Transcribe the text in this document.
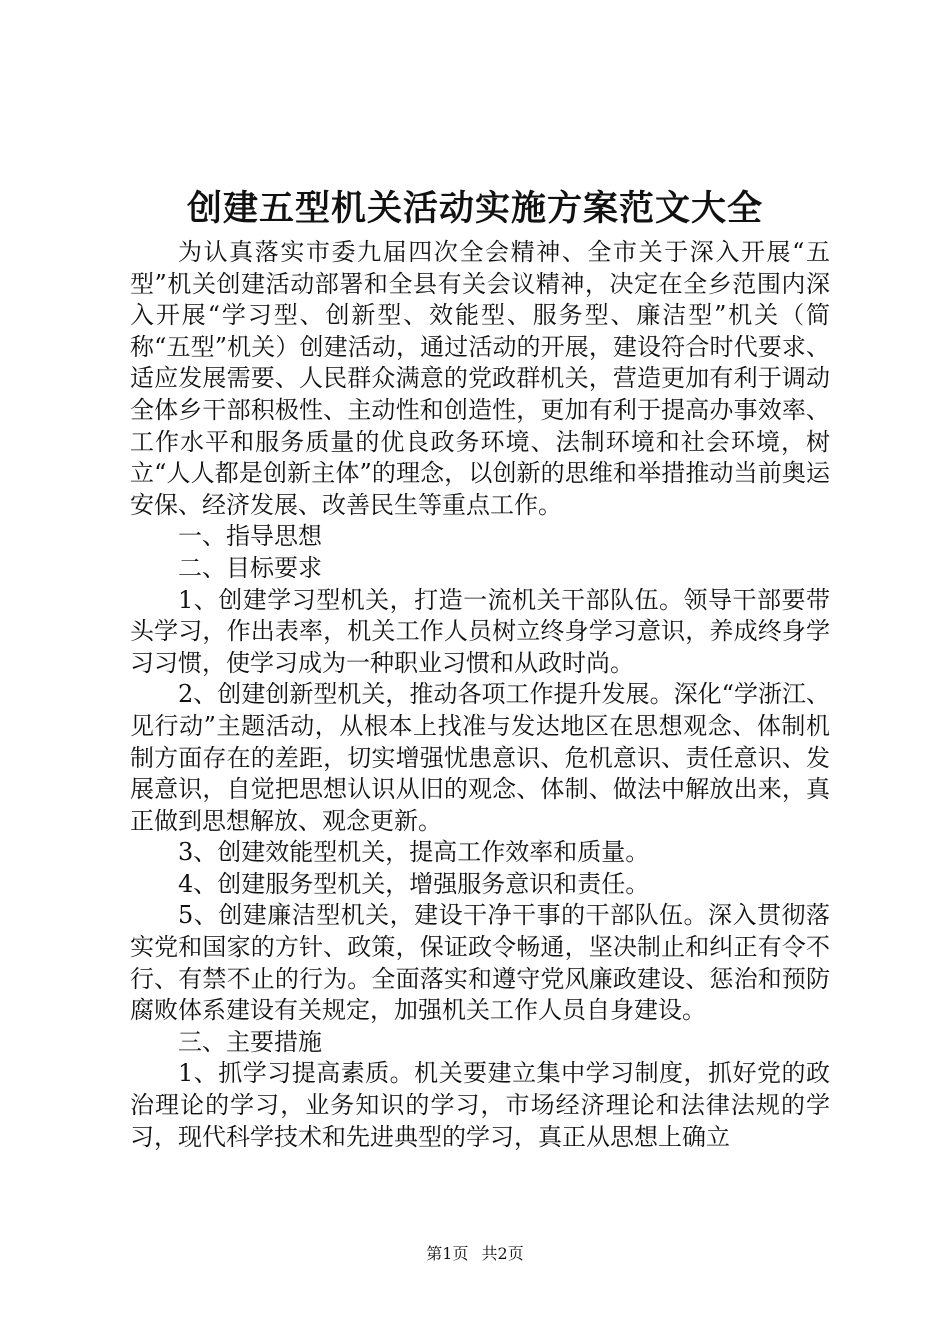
创建五型机关活动实施方案范文大全

为认真落实市委九届四次全会精神、全市关于深入开展“五型”机关创建活动部署和全县有关会议精神，决定在全乡范围内深入开展“学习型、创新型、效能型、服务型、廉洁型”机关（简称“五型”机关）创建活动，通过活动的开展，建设符合时代要求、适应发展需要、人民群众满意的党政群机关，营造更加有利于调动全体乡干部积极性、主动性和创造性，更加有利于提高办事效率、工作水平和服务质量的优良政务环境、法制环境和社会环境，树立“人人都是创新主体”的理念，以创新的思维和举措推动当前奥运安保、经济发展、改善民生等重点工作。

一、指导思想

二、目标要求

1、创建学习型机关，打造一流机关干部队伍。领导干部要带头学习，作出表率，机关工作人员树立终身学习意识，养成终身学习习惯，使学习成为一种职业习惯和从政时尚。

2、创建创新型机关，推动各项工作提升发展。深化“学浙江、见行动”主题活动，从根本上找准与发达地区在思想观念、体制机制方面存在的差距，切实增强忧患意识、危机意识、责任意识、发展意识，自觉把思想认识从旧的观念、体制、做法中解放出来，真正做到思想解放、观念更新。

3、创建效能型机关，提高工作效率和质量。

4、创建服务型机关，增强服务意识和责任。

5、创建廉洁型机关，建设干净干事的干部队伍。深入贯彻落实党和国家的方针、政策，保证政令畅通，坚决制止和纠正有令不行、有禁不止的行为。全面落实和遵守党风廉政建设、惩治和预防腐败体系建设有关规定，加强机关工作人员自身建设。

三、主要措施

1、抓学习提高素质。机关要建立集中学习制度，抓好党的政治理论的学习，业务知识的学习，市场经济理论和法律法规的学习，现代科学技术和先进典型的学习，真正从思想上确立

第1页 共2页
